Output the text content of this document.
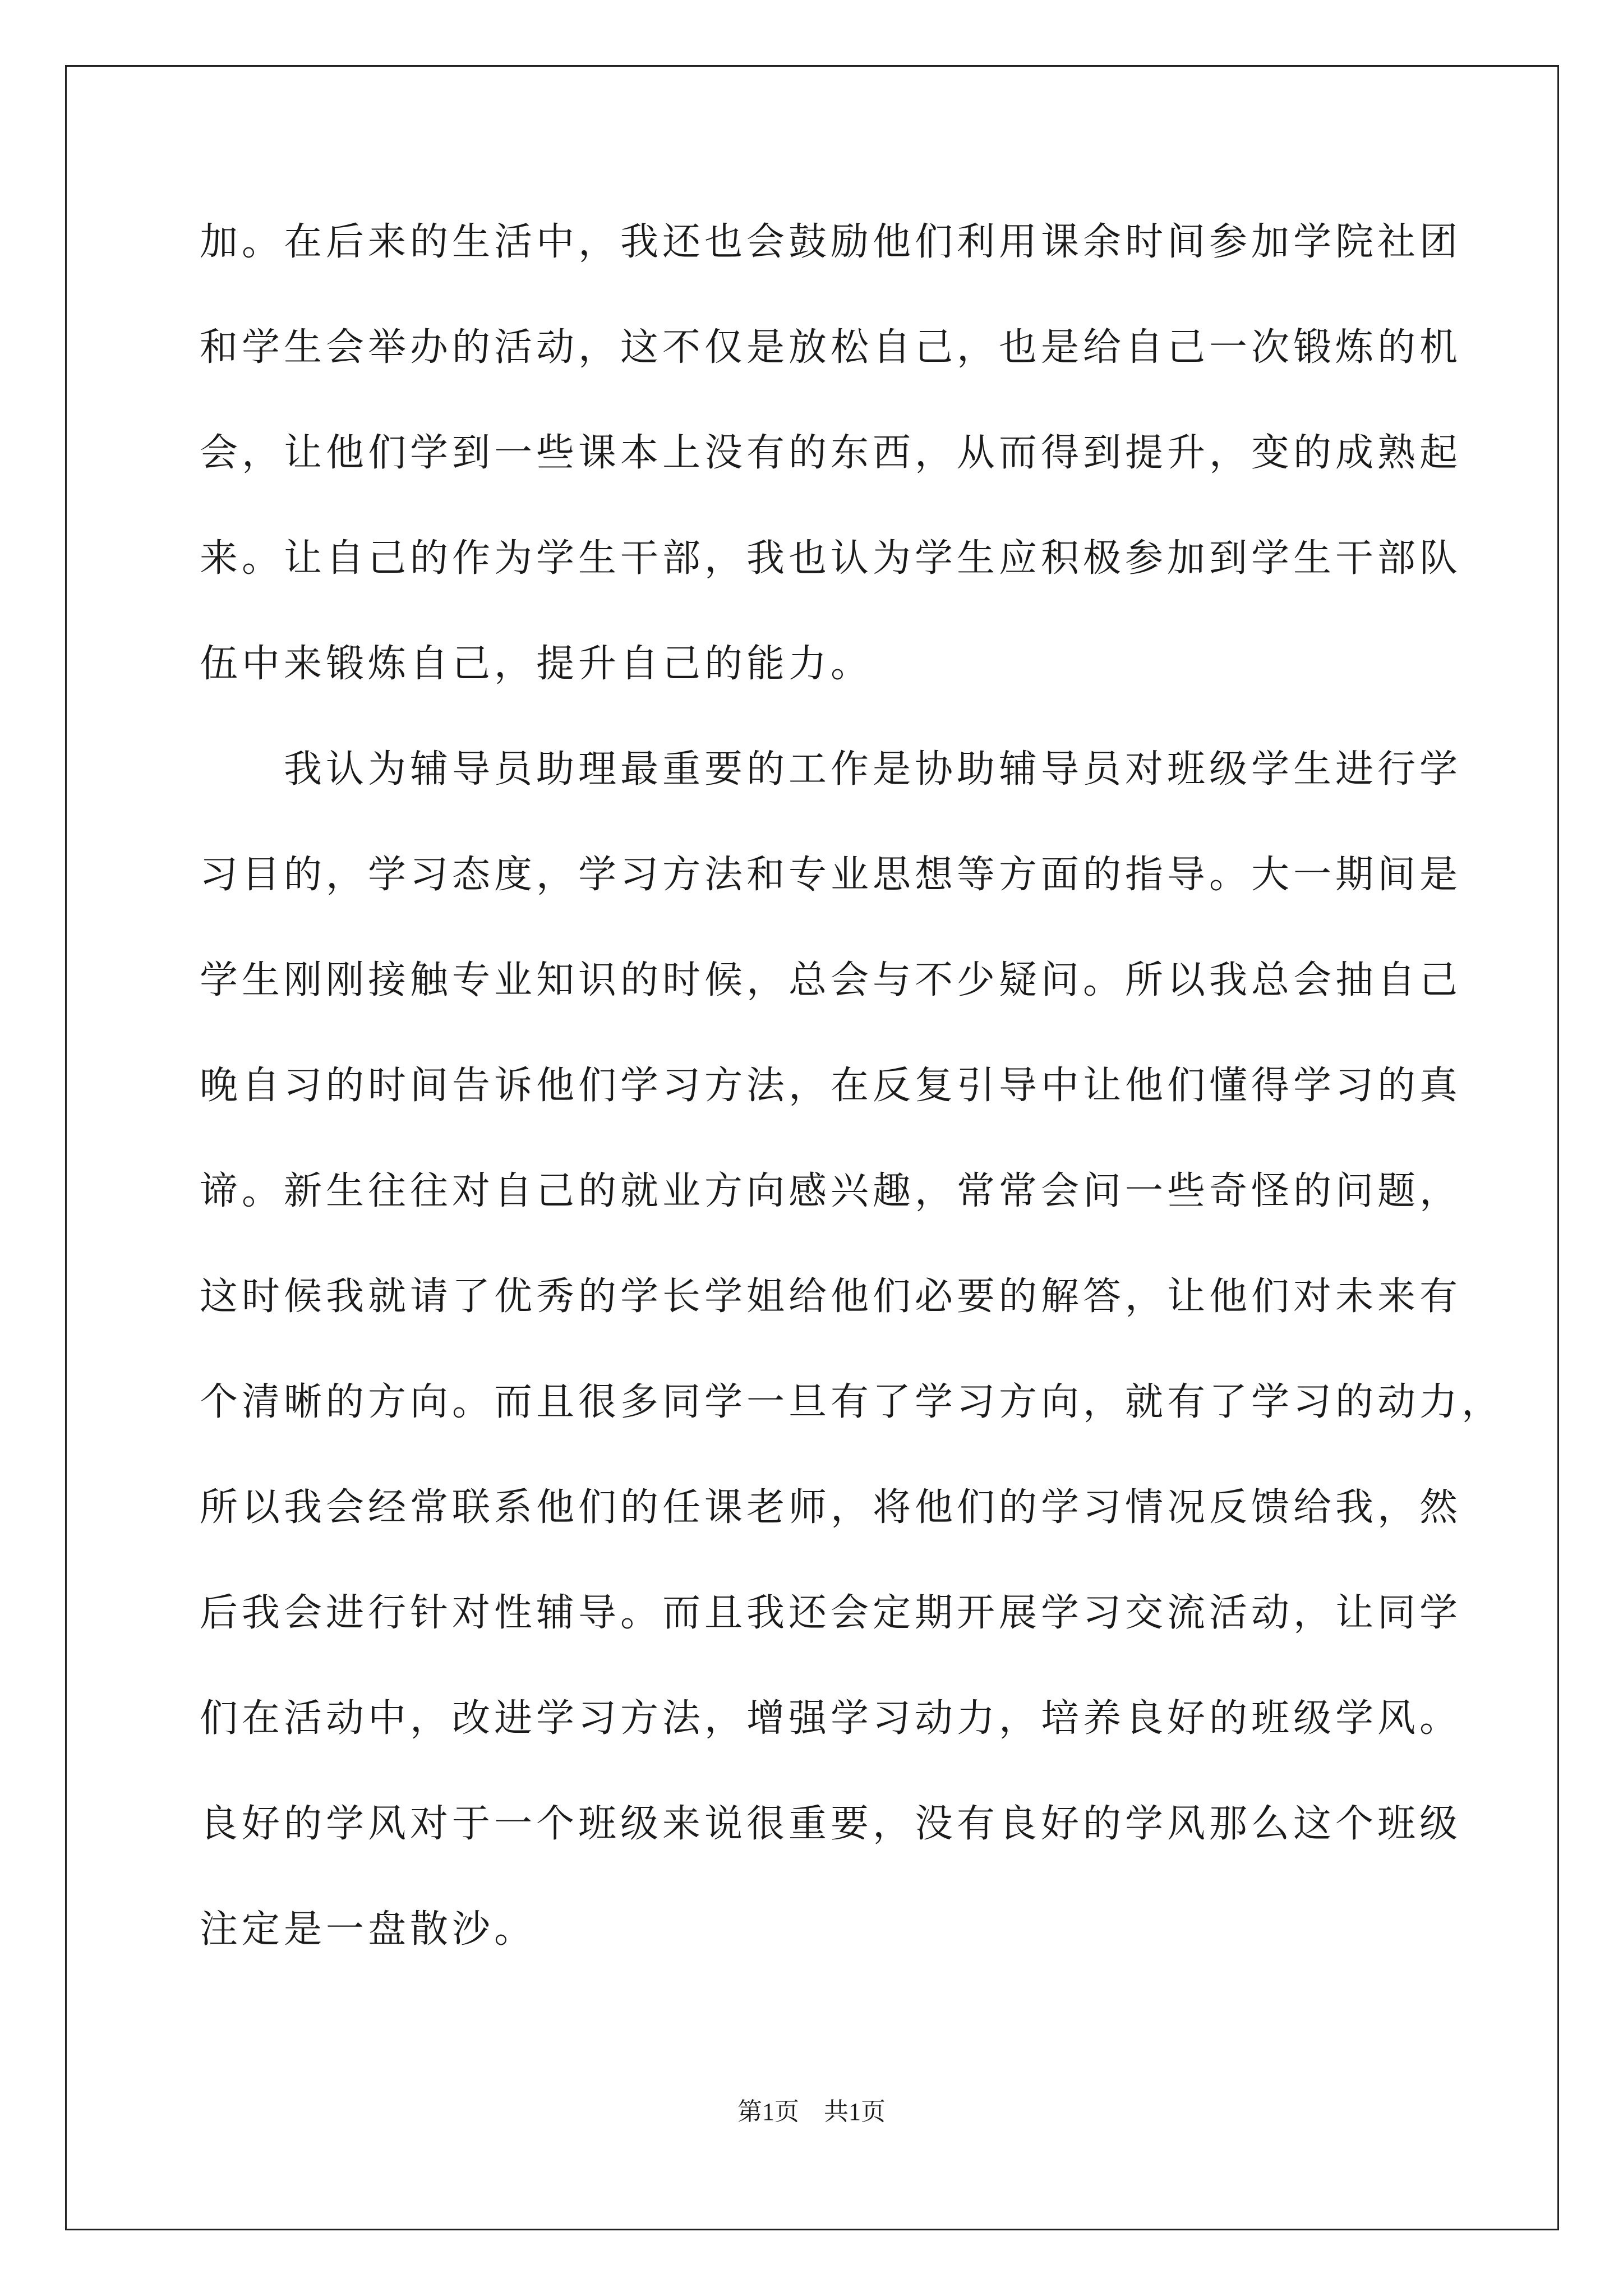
加。在后来的生活中，我还也会鼓励他们利用课余时间参加学院社团
和学生会举办的活动，这不仅是放松自己，也是给自己一次锻炼的机
会，让他们学到一些课本上没有的东西，从而得到提升，变的成熟起
来。让自己的作为学生干部，我也认为学生应积极参加到学生干部队
伍中来锻炼自己，提升自己的能力。
我认为辅导员助理最重要的工作是协助辅导员对班级学生进行学
习目的，学习态度，学习方法和专业思想等方面的指导。大一期间是
学生刚刚接触专业知识的时候，总会与不少疑问。所以我总会抽自己
晚自习的时间告诉他们学习方法，在反复引导中让他们懂得学习的真
谛。新生往往对自己的就业方向感兴趣，常常会问一些奇怪的问题，
这时候我就请了优秀的学长学姐给他们必要的解答，让他们对未来有
个清晰的方向。而且很多同学一旦有了学习方向，就有了学习的动力，
所以我会经常联系他们的任课老师，将他们的学习情况反馈给我，然
后我会进行针对性辅导。而且我还会定期开展学习交流活动，让同学
们在活动中，改进学习方法，增强学习动力，培养良好的班级学风。
良好的学风对于一个班级来说很重要，没有良好的学风那么这个班级
注定是一盘散沙。
第1页　共1页
